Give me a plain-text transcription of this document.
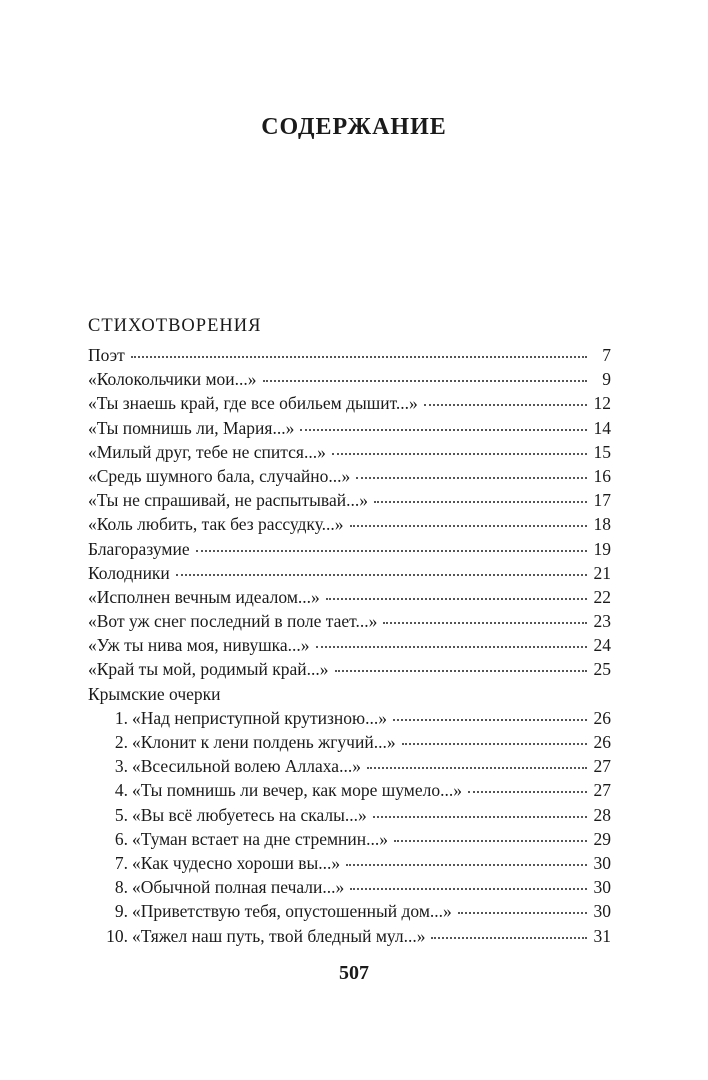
СОДЕРЖАНИЕ
СТИХОТВОРЕНИЯ
Поэт	7
«Колокольчики мои...»	9
«Ты знаешь край, где все обильем дышит...»	12
«Ты помнишь ли, Мария...»	14
«Милый друг, тебе не спится...»	15
«Средь шумного бала, случайно...»	16
«Ты не спрашивай, не распытывай...»	17
«Коль любить, так без рассудку...»	18
Благоразумие	19
Колодники	21
«Исполнен вечным идеалом...»	22
«Вот уж снег последний в поле тает...»	23
«Уж ты нива моя, нивушка...»	24
«Край ты мой, родимый край...»	25
Крымские очерки
1. «Над неприступной крутизною...»	26
2. «Клонит к лени полдень жгучий...»	26
3. «Всесильной волею Аллаха...»	27
4. «Ты помнишь ли вечер, как море шумело...»	27
5. «Вы всё любуетесь на скалы...»	28
6. «Туман встает на дне стремнин...»	29
7. «Как чудесно хороши вы...»	30
8. «Обычной полная печали...»	30
9. «Приветствую тебя, опустошенный дом...»	30
10. «Тяжел наш путь, твой бледный мул...»	31
507
